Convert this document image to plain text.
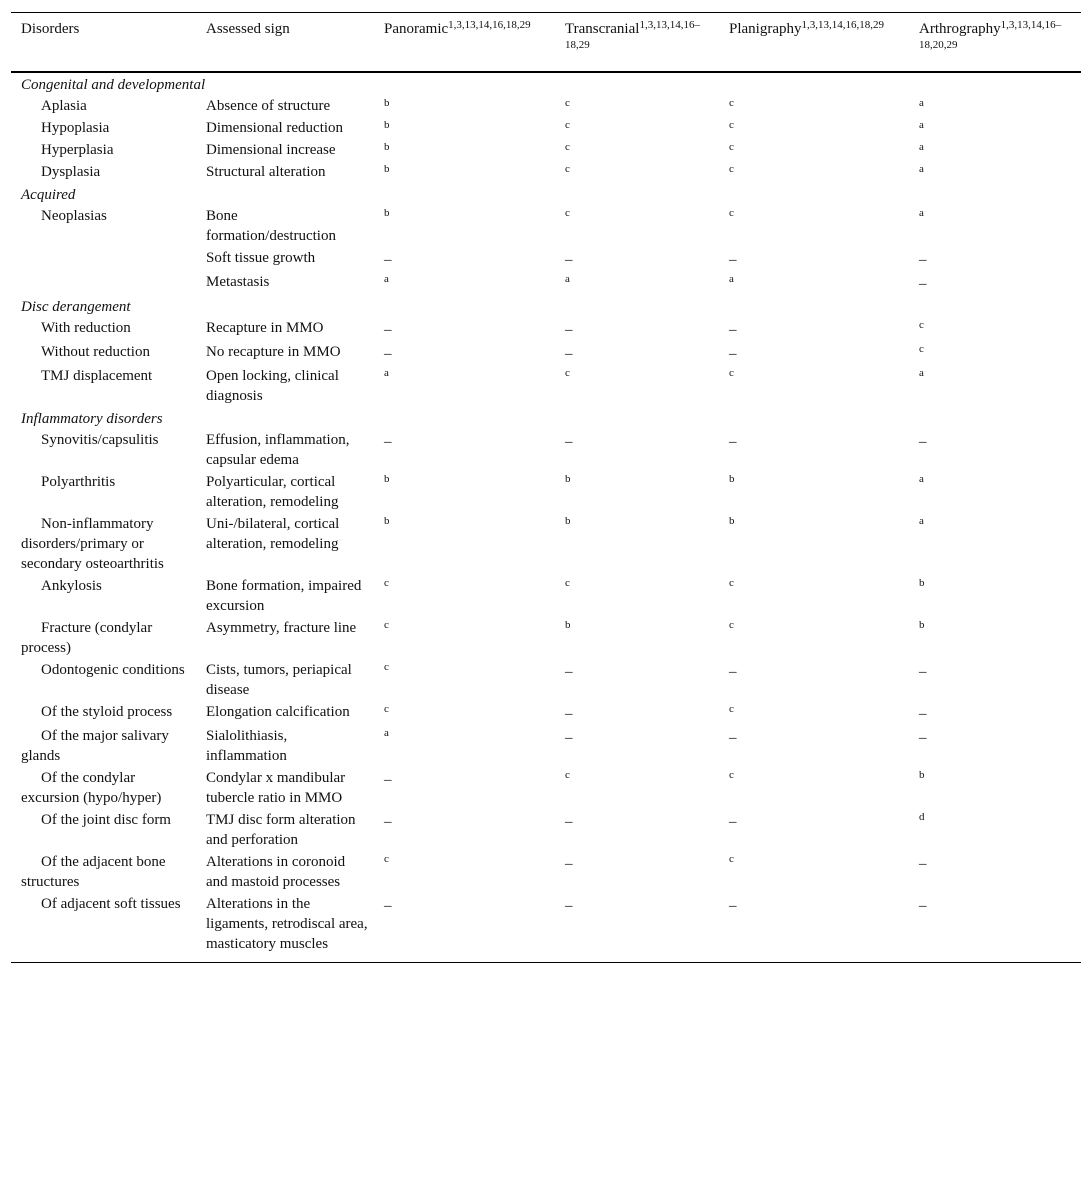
Disorders	Assessed sign	Panoramic$^{1,3,13,14,16,18,29}$	Transcranial$^{1,3,13,14,16-18,29}$	Planigraphy$^{1,3,13,14,16,18,29}$	Arthrography$^{1,3,13,14,16-18,20,29}$
Congenital and developmental					
Aplasia	Absence of structure	b	c	c	a
Hypoplasia	Dimensional reduction	b	c	c	a
Hyperplasia	Dimensional increase	b	c	c	a
Dysplasia	Structural alteration	b	c	c	a
Acquired					
Neoplasias	Bone formation/destruction	b	c	c	a
	Soft tissue growth	–	–	–	–
	Metastasis	a	a	a	–
Disc derangement					
With reduction	Recapture in MMO	–	–	–	c
Without reduction	No recapture in MMO	–	–	–	c
TMJ displacement	Open locking, clinical diagnosis	a	c	c	a
Inflammatory disorders					
Synovitis/capsulitis	Effusion, inflammation, capsular edema	–	–	–	–
Polyarthritis	Polyarticular, cortical alteration, remodeling	b	b	b	a
Non-inflammatory disorders/primary or secondary osteoarthritis	Uni-/bilateral, cortical alteration, remodeling	b	b	b	a
Ankylosis	Bone formation, impaired excursion	c	c	c	b
Fracture (condylar process)	Asymmetry, fracture line	c	b	c	b
Odontogenic conditions	Cists, tumors, periapical disease	c	–	–	–
Of the styloid process	Elongation calcification	c	–	c	–
Of the major salivary glands	Sialolithiasis, inflammation	a	–	–	–
Of the condylar excursion (hypo/hyper)	Condylar x mandibular tubercle ratio in MMO	–	c	c	b
Of the joint disc form	TMJ disc form alteration and perforation	–	–	–	d
Of the adjacent bone structures	Alterations in coronoid and mastoid processes	c	–	c	–
Of adjacent soft tissues	Alterations in the ligaments, retrodiscal area, masticatory muscles	–	–	–	–
